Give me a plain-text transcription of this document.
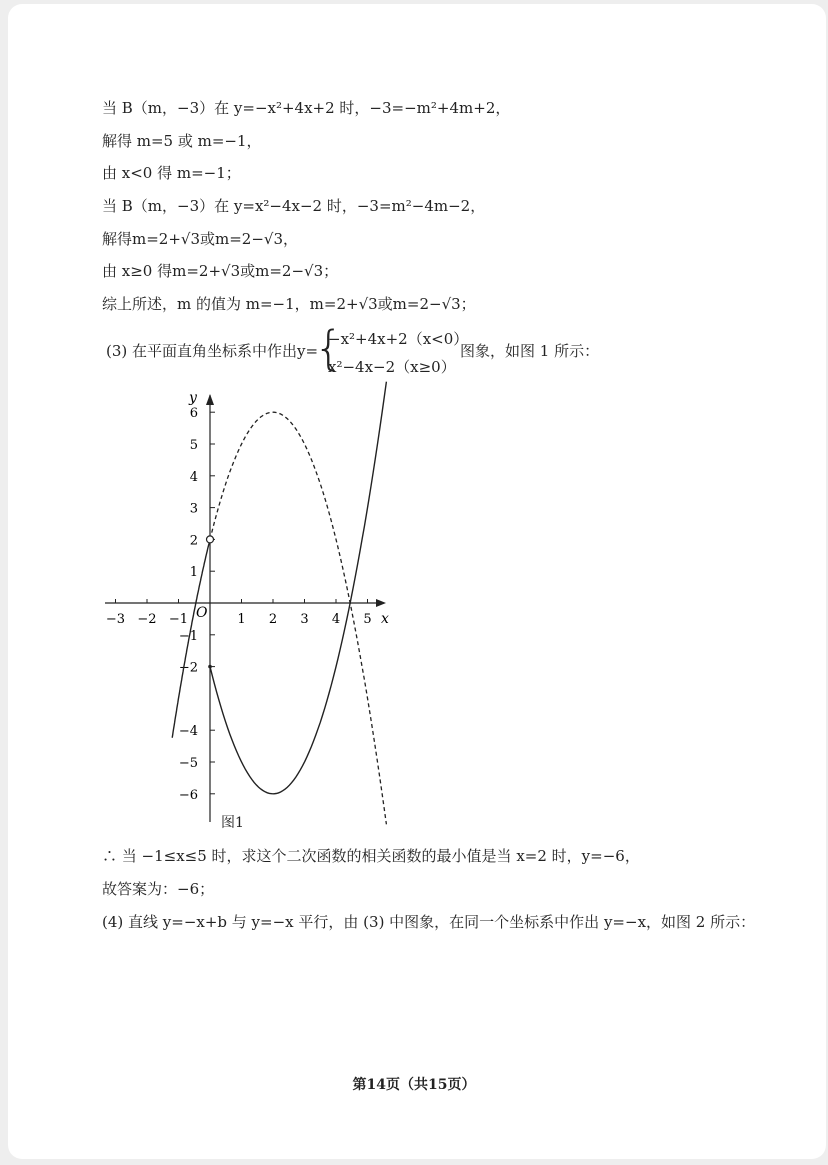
当 B（m，−3）在 y=−x²+4x+2 时，−3=−m²+4m+2，
解得 m=5 或 m=−1，
由 x<0 得 m=−1；
当 B（m，−3）在 y=x²−4x−2 时，−3=m²−4m−2，
解得m=2+√3或m=2−√3，
由 x≥0 得m=2+√3或m=2−√3；
综上所述，m 的值为 m=−1，m=2+√3或m=2−√3；
(3) 在平面直角坐标系中作出y=
{
−x²+4x+2（x<0）
x²−4x−2（x≥0）
图象，如图 1 所示：
x
y
O
−3 −2 −1	1 2 3 4 5
−6
−5
−4
−2
−1
1
2
3
4
5
6
图1
∴ 当 −1≤x≤5 时，求这个二次函数的相关函数的最小值是当 x=2 时，y=−6，
故答案为：−6；
(4) 直线 y=−x+b 与 y=−x 平行，由 (3) 中图象，在同一个坐标系中作出 y=−x，如图 2 所示：
第14页（共15页）
